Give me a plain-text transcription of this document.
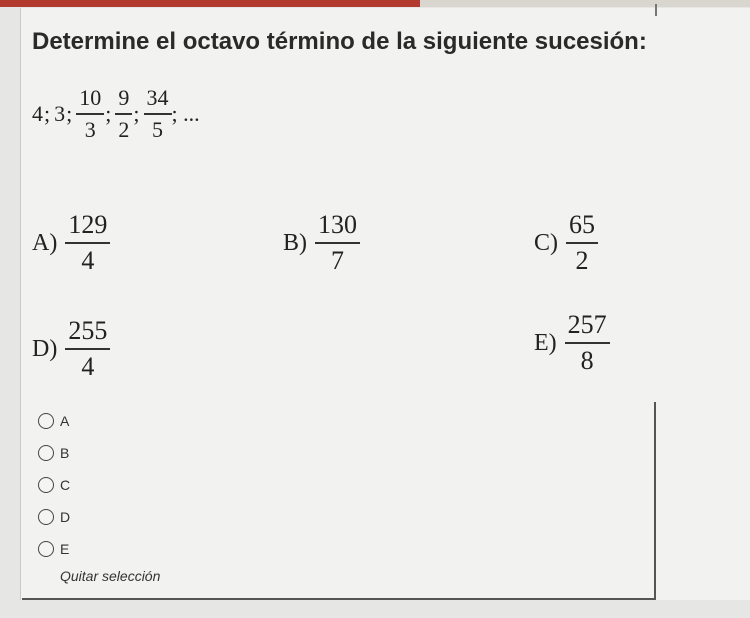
Determine el octavo término de la siguiente sucesión:
4 ; 3 ; $\frac{10}{3}$ ; $\frac{9}{2}$ ; $\frac{34}{5}$ ; ...
$A) \frac{129}{4}$	$B) \frac{130}{7}$	$C) \frac{65}{2}$
$D) \frac{255}{4}$	$E) \frac{257}{8}$
A
B
C
D
E
Quitar selección
